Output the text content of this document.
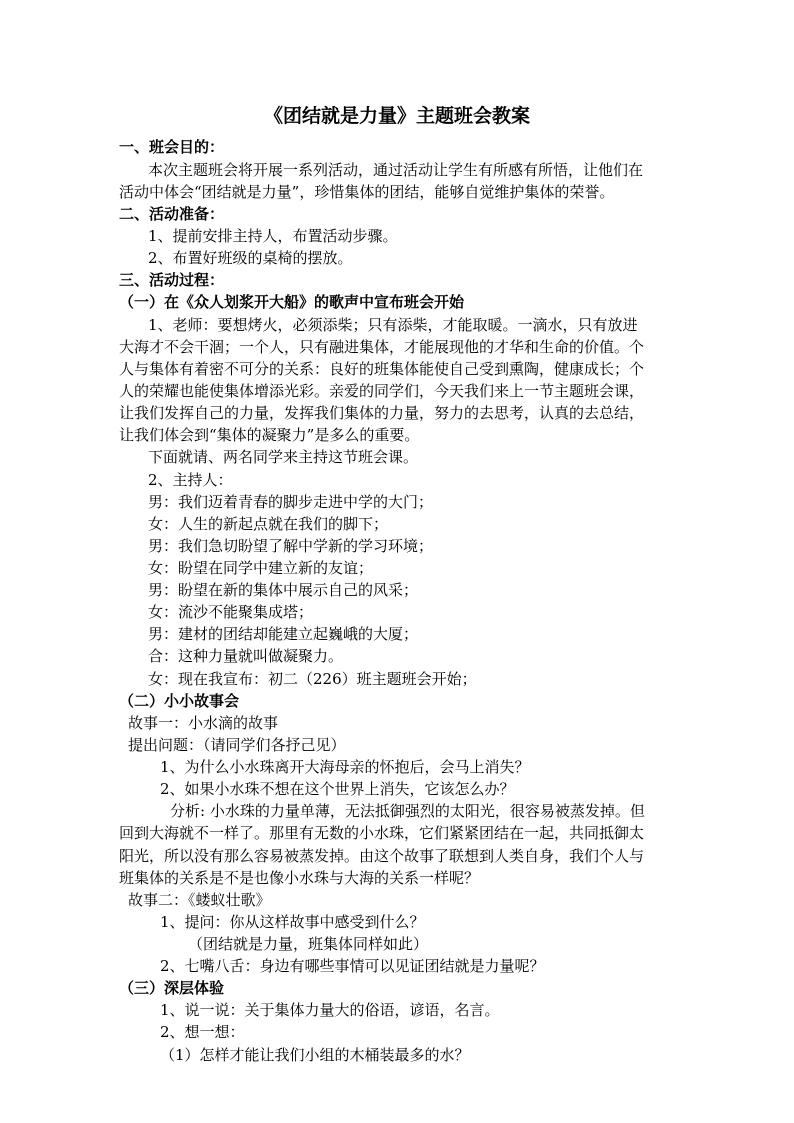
《团结就是力量》主题班会教案
一、班会目的：
本次主题班会将开展一系列活动，通过活动让学生有所感有所悟，让他们在
活动中体会“团结就是力量”，珍惜集体的团结，能够自觉维护集体的荣誉。
二、活动准备：
1、提前安排主持人，布置活动步骤。
2、布置好班级的桌椅的摆放。
三、活动过程：
（一）在《众人划浆开大船》的歌声中宣布班会开始
1、老师：要想烤火，必须添柴；只有添柴，才能取暖。一滴水，只有放进
大海才不会干涸；一个人，只有融进集体，才能展现他的才华和生命的价值。个
人与集体有着密不可分的关系：良好的班集体能使自己受到熏陶，健康成长；个
人的荣耀也能使集体增添光彩。亲爱的同学们，今天我们来上一节主题班会课，
让我们发挥自己的力量，发挥我们集体的力量，努力的去思考，认真的去总结，
让我们体会到“集体的凝聚力”是多么的重要。
下面就请、两名同学来主持这节班会课。
2、主持人：
男：我们迈着青春的脚步走进中学的大门；
女：人生的新起点就在我们的脚下；
男：我们急切盼望了解中学新的学习环境；
女：盼望在同学中建立新的友谊；
男：盼望在新的集体中展示自己的风采；
女：流沙不能聚集成塔；
男：建材的团结却能建立起巍峨的大厦；
合：这种力量就叫做凝聚力。
女：现在我宣布：初二（226）班主题班会开始；
（二）小小故事会
故事一：小水滴的故事
提出问题：（请同学们各抒己见）
1、为什么小水珠离开大海母亲的怀抱后，会马上消失？
2、如果小水珠不想在这个世界上消失，它该怎么办？
分析: 小水珠的力量单薄，无法抵御强烈的太阳光，很容易被蒸发掉。但
回到大海就不一样了。那里有无数的小水珠，它们紧紧团结在一起，共同抵御太
阳光，所以没有那么容易被蒸发掉。由这个故事了联想到人类自身，我们个人与
班集体的关系是不是也像小水珠与大海的关系一样呢？
故事二：《蝼蚁壮歌》
1、提问：你从这样故事中感受到什么？
（团结就是力量，班集体同样如此）
2、七嘴八舌：身边有哪些事情可以见证团结就是力量呢？
（三）深层体验
1、说一说：关于集体力量大的俗语，谚语，名言。
2、想一想：
（1）怎样才能让我们小组的木桶装最多的水？
